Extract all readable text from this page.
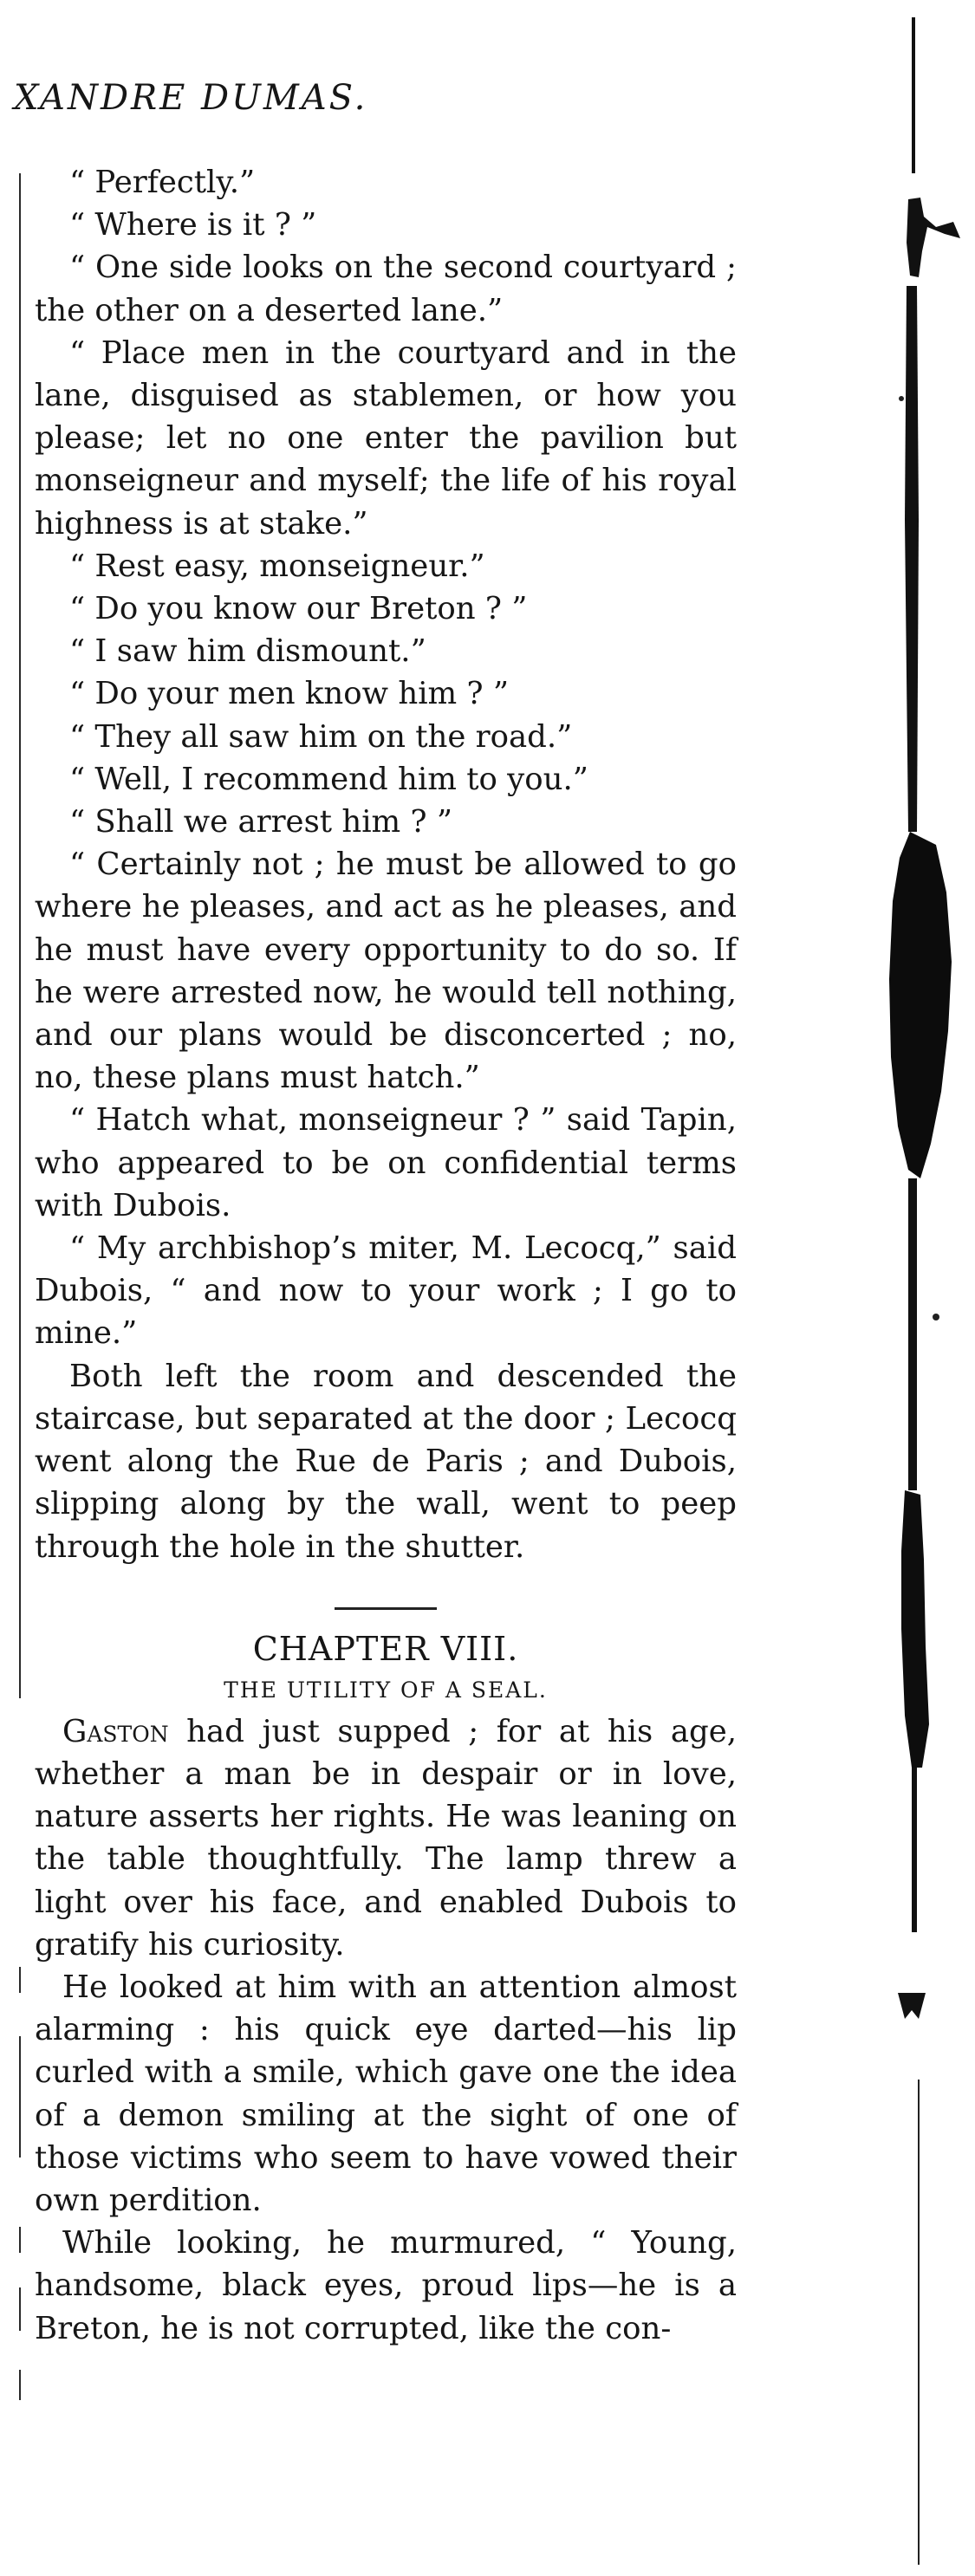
XANDRE DUMAS.

“ Perfectly.”

“ Where is it ? ”

“ One side looks on the second courtyard ; the other on a deserted lane.”

“ Place men in the courtyard and in the lane, disguised as stablemen, or how you please; let no one enter the pavilion but monseigneur and myself; the life of his royal highness is at stake.”

“ Rest easy, monseigneur.”

“ Do you know our Breton ? ”

“ I saw him dismount.”

“ Do your men know him ? ”

“ They all saw him on the road.”

“ Well, I recommend him to you.”

“ Shall we arrest him ? ”

“ Certainly not ; he must be allowed to go where he pleases, and act as he pleases, and he must have every opportunity to do so. If he were arrested now, he would tell nothing, and our plans would be disconcerted ; no, no, these plans must hatch.”

“ Hatch what, monseigneur ? ” said Tapin, who appeared to be on confidential terms with Dubois.

“ My archbishop’s miter, M. Lecocq,” said Dubois, “ and now to your work ; I go to mine.”

Both left the room and descended the staircase, but separated at the door ; Lecocq went along the Rue de Paris ; and Dubois, slipping along by the wall, went to peep through the hole in the shutter.

CHAPTER VIII.
THE UTILITY OF A SEAL.

Gaston had just supped ; for at his age, whether a man be in despair or in love, nature asserts her rights. He was leaning on the table thoughtfully. The lamp threw a light over his face, and enabled Dubois to gratify his curiosity.

He looked at him with an attention almost alarming : his quick eye darted—his lip curled with a smile, which gave one the idea of a demon smiling at the sight of one of those victims who seem to have vowed their own perdition.

While looking, he murmured, “ Young, handsome, black eyes, proud lips—he is a Breton, he is not corrupted, like the con-
